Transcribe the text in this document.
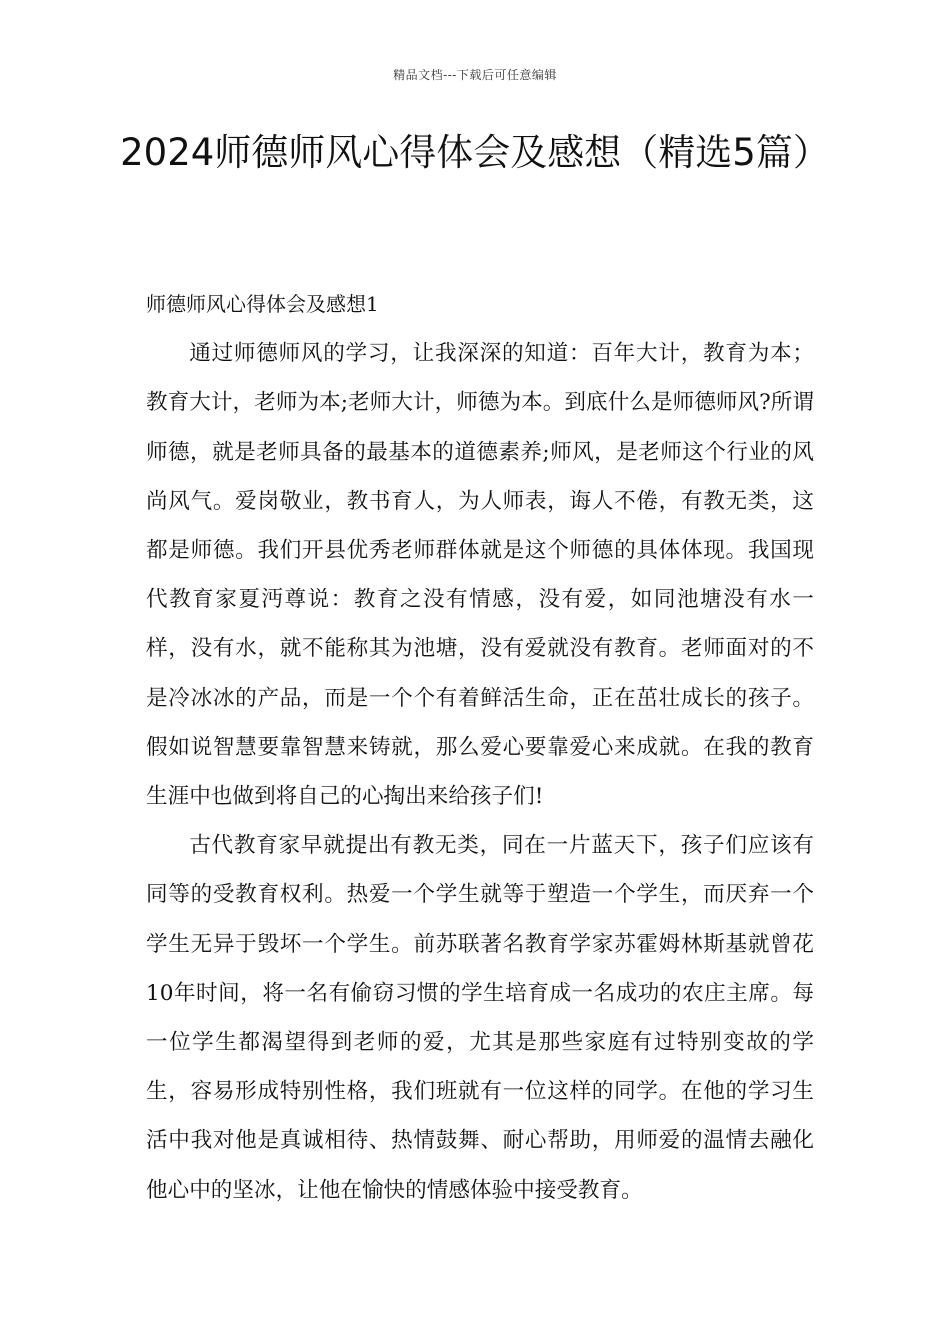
精品文档---下载后可任意编辑
2024师德师风心得体会及感想（精选5篇）

师德师风心得体会及感想1

通过师德师风的学习，让我深深的知道：百年大计，教育为本；教育大计，老师为本;老师大计，师德为本。到底什么是师德师风?所谓师德，就是老师具备的最基本的道德素养;师风，是老师这个行业的风尚风气。爱岗敬业，教书育人，为人师表，诲人不倦，有教无类，这都是师德。我们开县优秀老师群体就是这个师德的具体体现。我国现代教育家夏沔尊说：教育之没有情感，没有爱，如同池塘没有水一样，没有水，就不能称其为池塘，没有爱就没有教育。老师面对的不是冷冰冰的产品，而是一个个有着鲜活生命，正在茁壮成长的孩子。假如说智慧要靠智慧来铸就，那么爱心要靠爱心来成就。在我的教育生涯中也做到将自己的心掏出来给孩子们!

古代教育家早就提出有教无类，同在一片蓝天下，孩子们应该有同等的受教育权利。热爱一个学生就等于塑造一个学生，而厌弃一个学生无异于毁坏一个学生。前苏联著名教育学家苏霍姆林斯基就曾花10年时间，将一名有偷窃习惯的学生培育成一名成功的农庄主席。每一位学生都渴望得到老师的爱，尤其是那些家庭有过特别变故的学生，容易形成特别性格，我们班就有一位这样的同学。在他的学习生活中我对他是真诚相待、热情鼓舞、耐心帮助，用师爱的温情去融化他心中的坚冰，让他在愉快的情感体验中接受教育。
